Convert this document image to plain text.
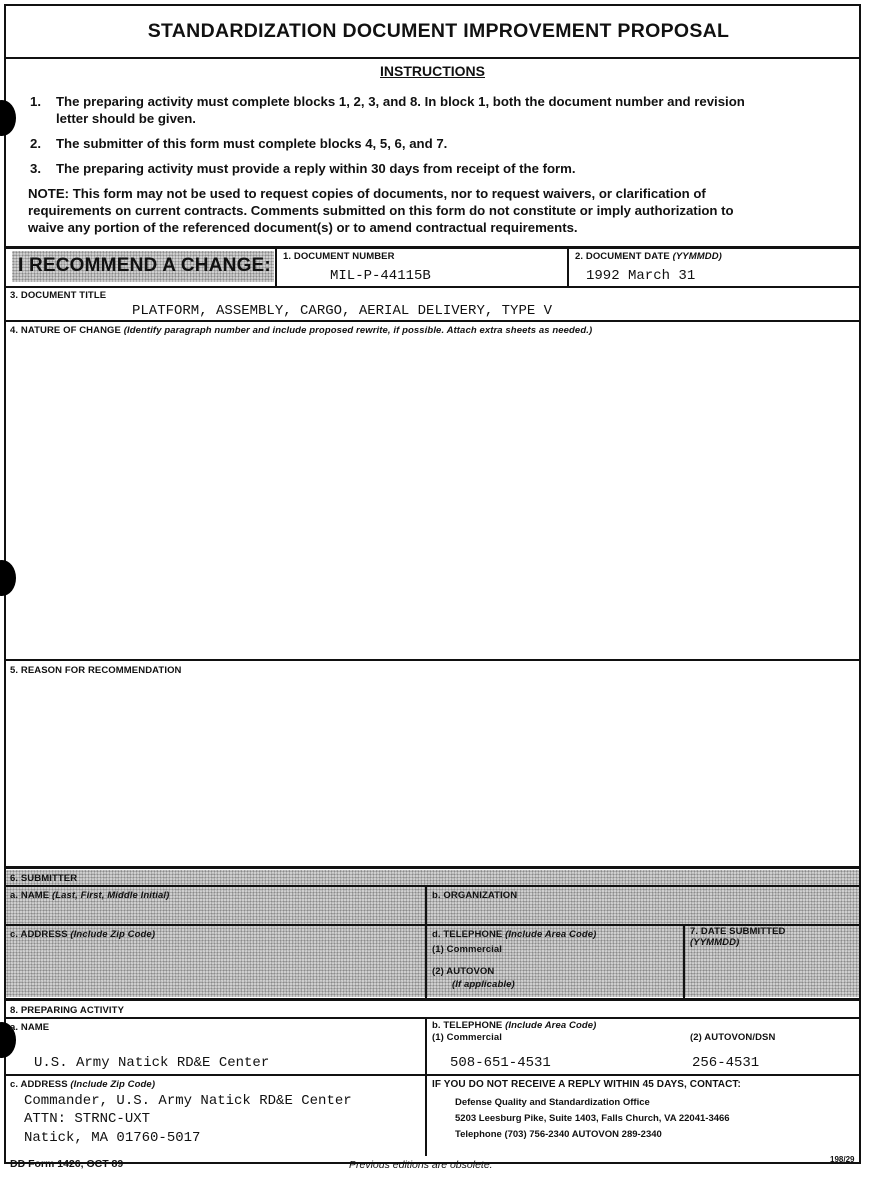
STANDARDIZATION DOCUMENT IMPROVEMENT PROPOSAL
INSTRUCTIONS
1. The preparing activity must complete blocks 1, 2, 3, and 8. In block 1, both the document number and revision
letter should be given.
2. The submitter of this form must complete blocks 4, 5, 6, and 7.
3. The preparing activity must provide a reply within 30 days from receipt of the form.
NOTE: This form may not be used to request copies of documents, nor to request waivers, or clarification of
requirements on current contracts. Comments submitted on this form do not constitute or imply authorization to
waive any portion of the referenced document(s) or to amend contractual requirements.
I RECOMMEND A CHANGE: 1. DOCUMENT NUMBER
MIL-P-44115B
2. DOCUMENT DATE (YYMMDD)
1992 March 31
3. DOCUMENT TITLE
PLATFORM, ASSEMBLY, CARGO, AERIAL DELIVERY, TYPE V
4. NATURE OF CHANGE (Identify paragraph number and include proposed rewrite, if possible. Attach extra sheets as needed.)
5. REASON FOR RECOMMENDATION
6. SUBMITTER
a. NAME (Last, First, Middle Initial)	b. ORGANIZATION
c. ADDRESS (Include Zip Code)	d. TELEPHONE (Include Area Code)
(1) Commercial
(2) AUTOVON
(If applicable)
7. DATE SUBMITTED
(YYMMDD)
8. PREPARING ACTIVITY
a. NAME
U.S. Army Natick RD&E Center
b. TELEPHONE (Include Area Code)
(1) Commercial	(2) AUTOVON/DSN
508-651-4531	256-4531
c. ADDRESS (Include Zip Code)
Commander, U.S. Army Natick RD&E Center
ATTN: STRNC-UXT
Natick, MA 01760-5017
IF YOU DO NOT RECEIVE A REPLY WITHIN 45 DAYS, CONTACT:
Defense Quality and Standardization Office
5203 Leesburg Pike, Suite 1403, Falls Church, VA 22041-3466
Telephone (703) 756-2340 AUTOVON 289-2340
DD Form 1426, OCT 89	Previous editions are obsolete.	198/29
